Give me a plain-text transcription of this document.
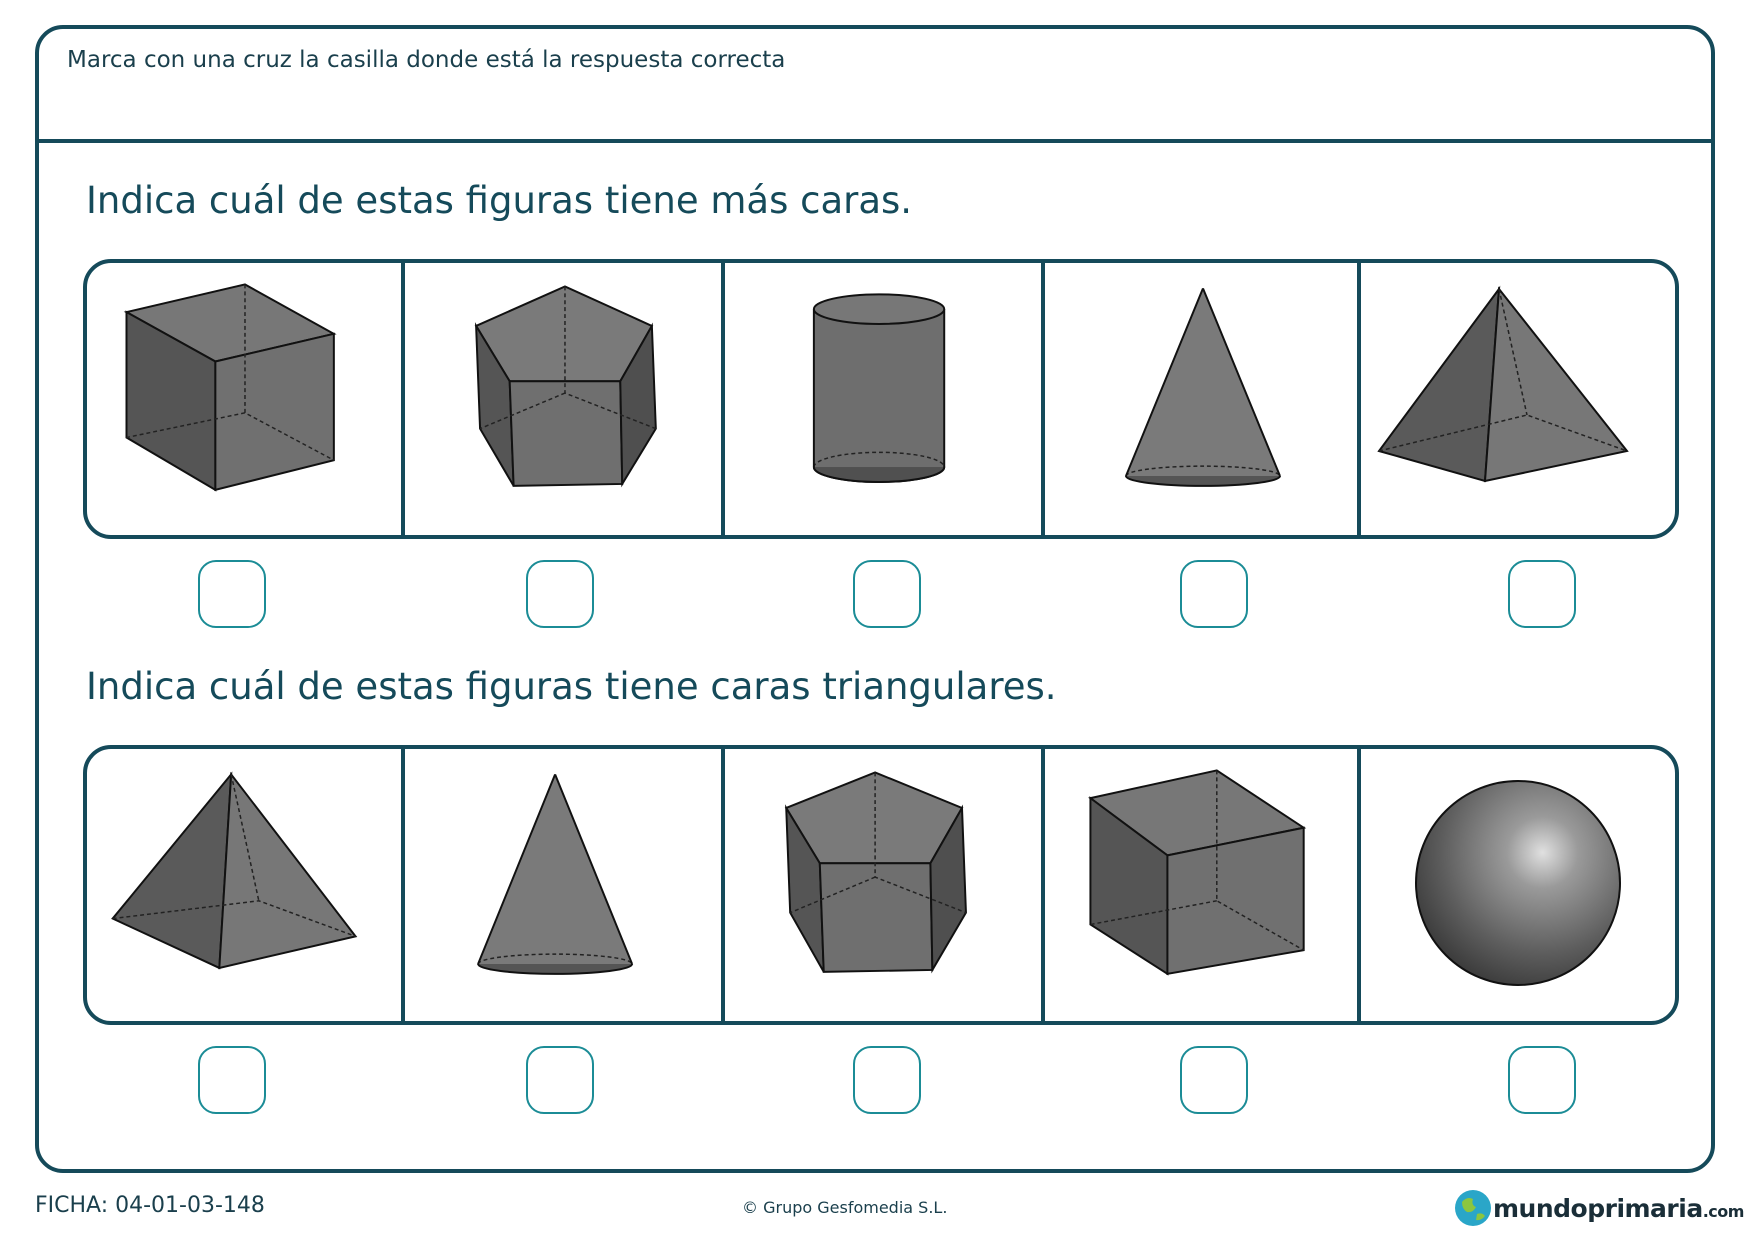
Marca con una cruz la casilla donde está la respuesta correcta
Indica cuál de estas figuras tiene más caras.
Indica cuál de estas figuras tiene caras triangulares.
FICHA: 04-01-03-148	© Grupo Gesfomedia S.L.	mundoprimaria.com
